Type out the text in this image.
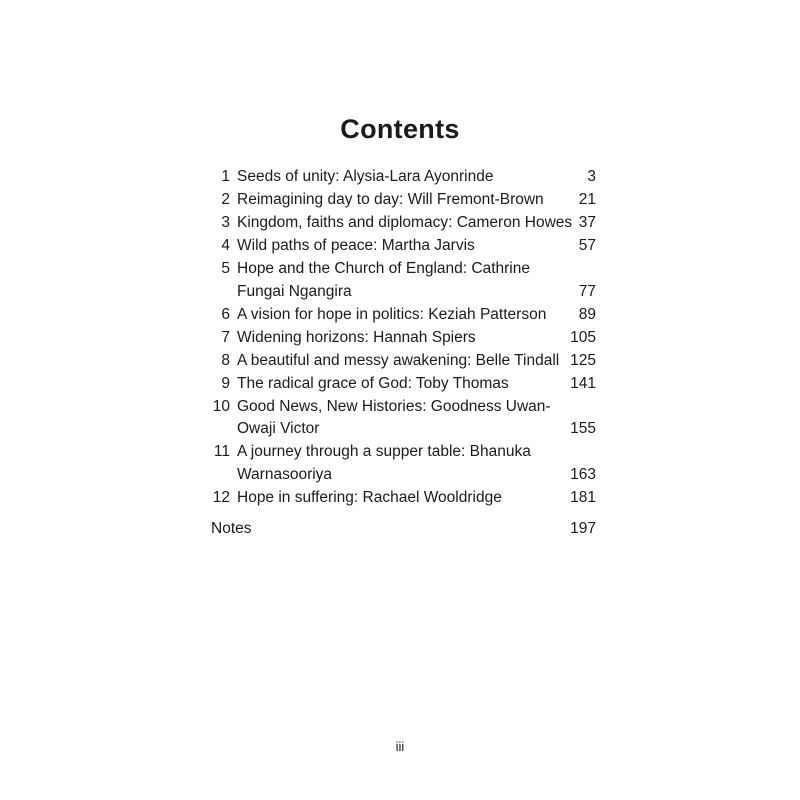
Contents
1 Seeds of unity: Alysia-Lara Ayonrinde	3
2 Reimagining day to day: Will Fremont-Brown	21
3 Kingdom, faiths and diplomacy: Cameron Howes 37
4 Wild paths of peace: Martha Jarvis	57
5 Hope and the Church of England: Cathrine
Fungai Ngangira	77
6 A vision for hope in politics: Keziah Patterson	89
7 Widening horizons: Hannah Spiers	105
8 A beautiful and messy awakening: Belle Tindall 125
9 The radical grace of God: Toby Thomas	141
10 Good News, New Histories: Goodness Uwan-
Owaji Victor	155
11 A journey through a supper table: Bhanuka
Warnasooriya	163
12 Hope in suffering: Rachael Wooldridge	181
Notes	197
iii
